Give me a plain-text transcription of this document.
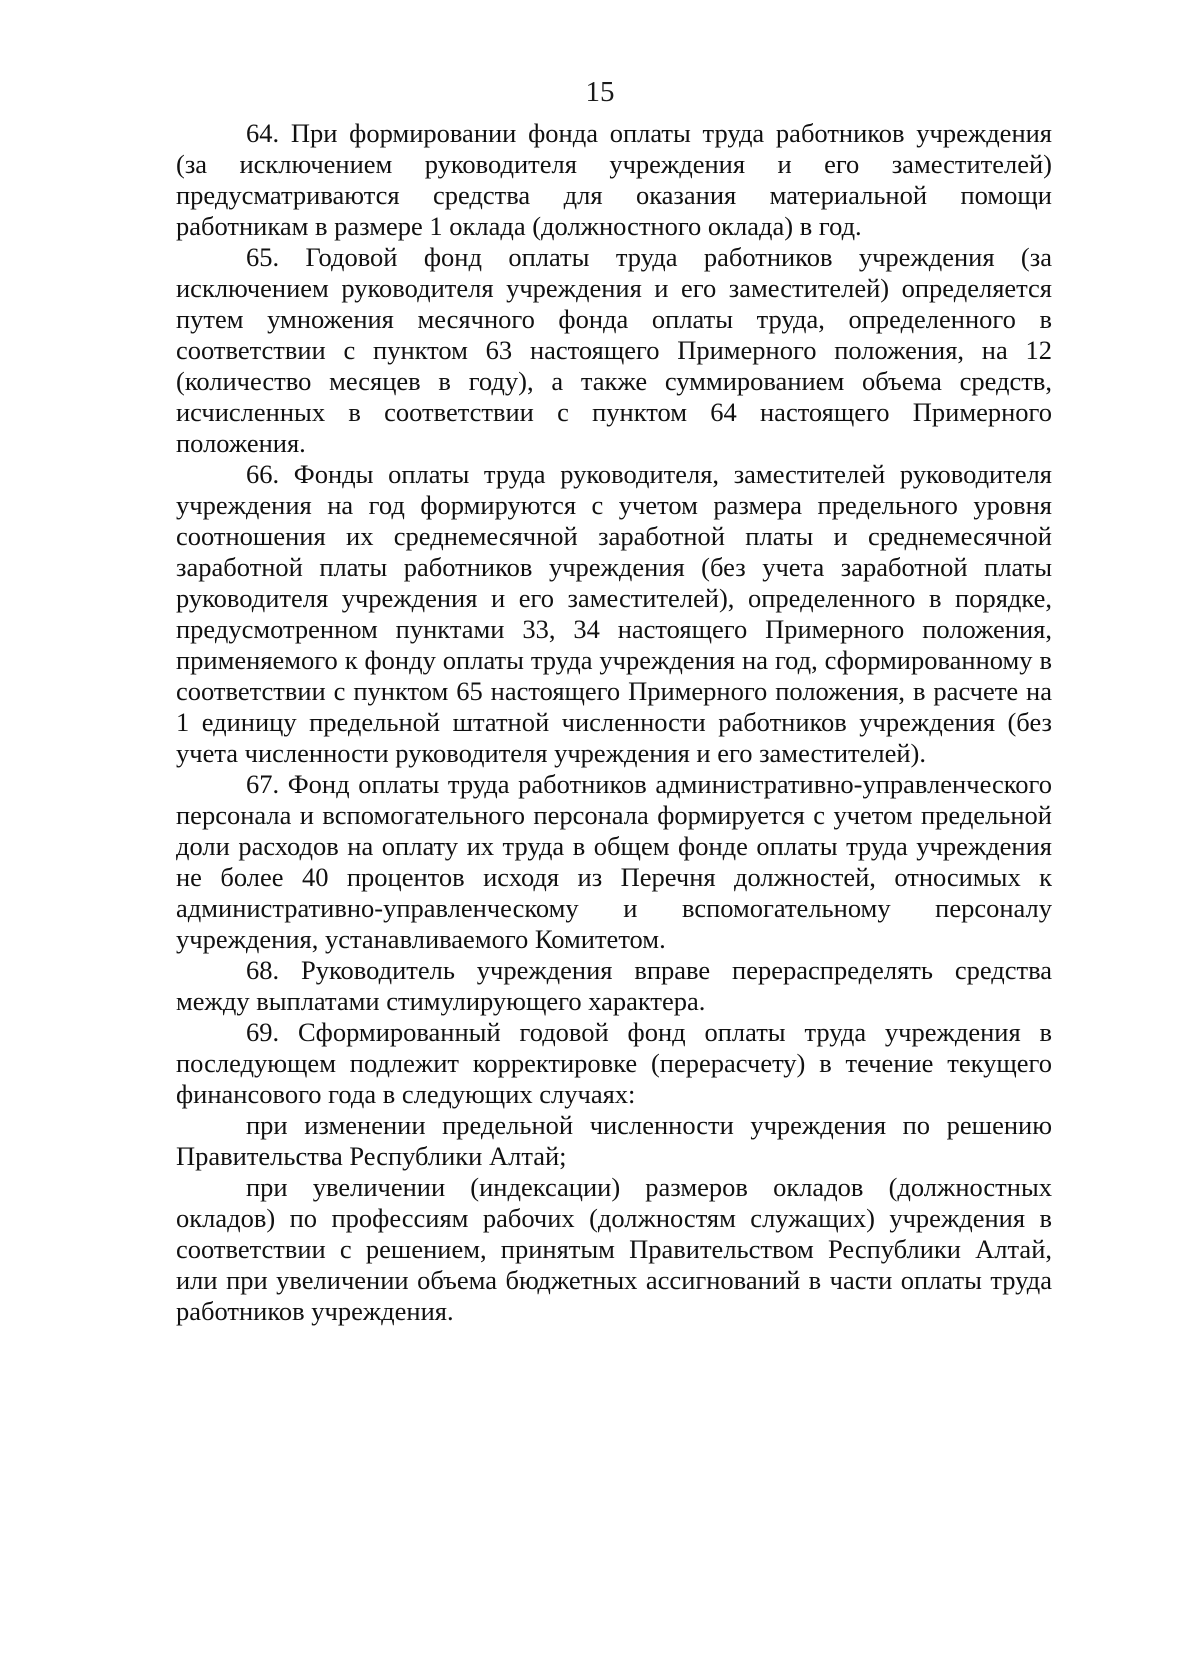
15

64. При формировании фонда оплаты труда работников учреждения (за исключением руководителя учреждения и его заместителей) предусматриваются средства для оказания материальной помощи работникам в размере 1 оклада (должностного оклада) в год.

65. Годовой фонд оплаты труда работников учреждения (за исключением руководителя учреждения и его заместителей) определяется путем умножения месячного фонда оплаты труда, определенного в соответствии с пунктом 63 настоящего Примерного положения, на 12 (количество месяцев в году), а также суммированием объема средств, исчисленных в соответствии с пунктом 64 настоящего Примерного положения.

66. Фонды оплаты труда руководителя, заместителей руководителя учреждения на год формируются с учетом размера предельного уровня соотношения их среднемесячной заработной платы и среднемесячной заработной платы работников учреждения (без учета заработной платы руководителя учреждения и его заместителей), определенного в порядке, предусмотренном пунктами 33, 34 настоящего Примерного положения, применяемого к фонду оплаты труда учреждения на год, сформированному в соответствии с пунктом 65 настоящего Примерного положения, в расчете на 1 единицу предельной штатной численности работников учреждения (без учета численности руководителя учреждения и его заместителей).

67. Фонд оплаты труда работников административно-управленческого персонала и вспомогательного персонала формируется с учетом предельной доли расходов на оплату их труда в общем фонде оплаты труда учреждения не более 40 процентов исходя из Перечня должностей, относимых к административно-управленческому и вспомогательному персоналу учреждения, устанавливаемого Комитетом.

68. Руководитель учреждения вправе перераспределять средства между выплатами стимулирующего характера.

69. Сформированный годовой фонд оплаты труда учреждения в последующем подлежит корректировке (перерасчету) в течение текущего финансового года в следующих случаях:

при изменении предельной численности учреждения по решению Правительства Республики Алтай;

при увеличении (индексации) размеров окладов (должностных окладов) по профессиям рабочих (должностям служащих) учреждения в соответствии с решением, принятым Правительством Республики Алтай, или при увеличении объема бюджетных ассигнований в части оплаты труда работников учреждения.
